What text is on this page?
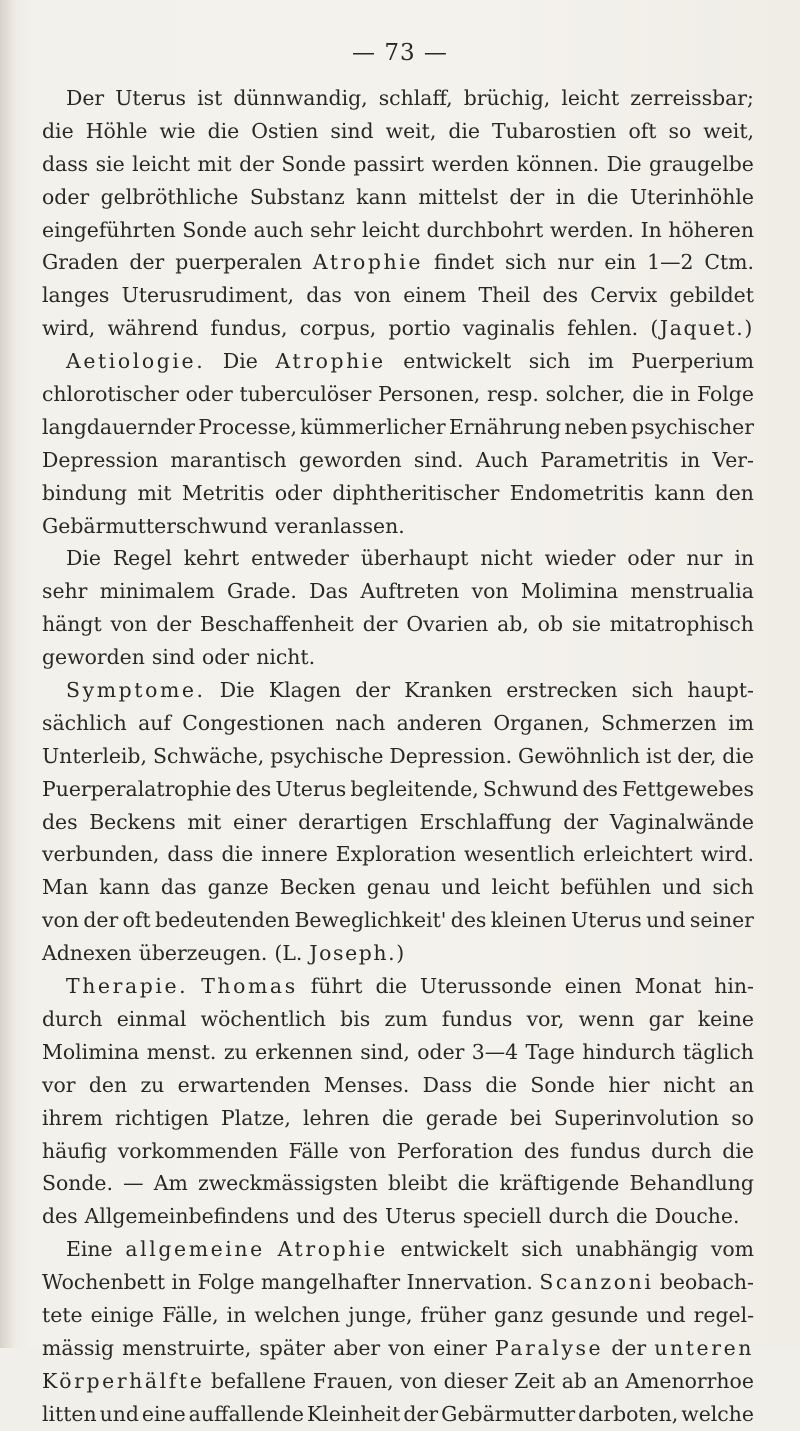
— 73 —
Der Uterus ist dünnwandig, schlaff, brüchig, leicht zerreissbar;
die Höhle wie die Ostien sind weit, die Tubarostien oft so weit,
dass sie leicht mit der Sonde passirt werden können. Die graugelbe
oder gelbröthliche Substanz kann mittelst der in die Uterinhöhle
eingeführten Sonde auch sehr leicht durchbohrt werden. In höheren
Graden der puerperalen Atrophie findet sich nur ein 1—2 Ctm.
langes Uterusrudiment, das von einem Theil des Cervix gebildet
wird, während fundus, corpus, portio vaginalis fehlen. (Jaquet.)
Aetiologie. Die Atrophie entwickelt sich im Puerperium
chlorotischer oder tuberculöser Personen, resp. solcher, die in Folge
langdauernder Processe, kümmerlicher Ernährung neben psychischer
Depression marantisch geworden sind. Auch Parametritis in Ver-
bindung mit Metritis oder diphtheritischer Endometritis kann den
Gebärmutterschwund veranlassen.
Die Regel kehrt entweder überhaupt nicht wieder oder nur in
sehr minimalem Grade. Das Auftreten von Molimina menstrualia
hängt von der Beschaffenheit der Ovarien ab, ob sie mitatrophisch
geworden sind oder nicht.
Symptome. Die Klagen der Kranken erstrecken sich haupt-
sächlich auf Congestionen nach anderen Organen, Schmerzen im
Unterleib, Schwäche, psychische Depression. Gewöhnlich ist der, die
Puerperalatrophie des Uterus begleitende, Schwund des Fettgewebes
des Beckens mit einer derartigen Erschlaffung der Vaginalwände
verbunden, dass die innere Exploration wesentlich erleichtert wird.
Man kann das ganze Becken genau und leicht befühlen und sich
von der oft bedeutenden Beweglichkeit' des kleinen Uterus und seiner
Adnexen überzeugen. (L. Joseph.)
Therapie. Thomas führt die Uterussonde einen Monat hin-
durch einmal wöchentlich bis zum fundus vor, wenn gar keine
Molimina menst. zu erkennen sind, oder 3—4 Tage hindurch täglich
vor den zu erwartenden Menses. Dass die Sonde hier nicht an
ihrem richtigen Platze, lehren die gerade bei Superinvolution so
häufig vorkommenden Fälle von Perforation des fundus durch die
Sonde. — Am zweckmässigsten bleibt die kräftigende Behandlung
des Allgemeinbefindens und des Uterus speciell durch die Douche.
Eine allgemeine Atrophie entwickelt sich unabhängig vom
Wochenbett in Folge mangelhafter Innervation. Scanzoni beobach-
tete einige Fälle, in welchen junge, früher ganz gesunde und regel-
mässig menstruirte, später aber von einer Paralyse der unteren
Körperhälfte befallene Frauen, von dieser Zeit ab an Amenorrhoe
litten und eine auffallende Kleinheit der Gebärmutter darboten, welche
